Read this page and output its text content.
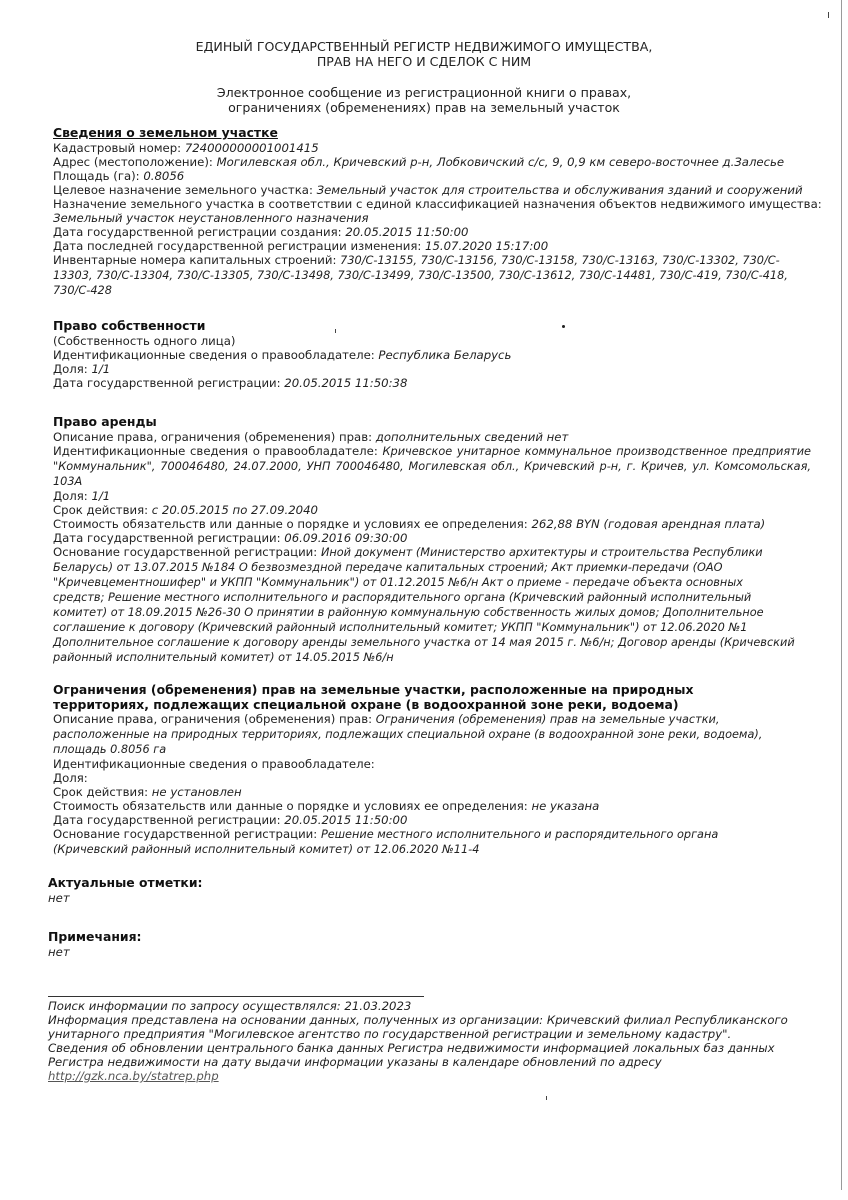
ЕДИНЫЙ ГОСУДАРСТВЕННЫЙ РЕГИСТР НЕДВИЖИМОГО ИМУЩЕСТВА,
ПРАВ НА НЕГО И СДЕЛОК С НИМ
Электронное сообщение из регистрационной книги о правах,
ограничениях (обременениях) прав на земельный участок
Сведения о земельном участке
Кадастровый номер: 724000000001001415
Адрес (местоположение): Могилевская обл., Кричевский р-н, Лобковичский с/с, 9, 0,9 км северо-восточнее д.Залесье
Площадь (га): 0.8056
Целевое назначение земельного участка: Земельный участок для строительства и обслуживания зданий и сооружений
Назначение земельного участка в соответствии с единой классификацией назначения объектов недвижимого имущества:
Земельный участок неустановленного назначения
Дата государственной регистрации создания: 20.05.2015 11:50:00
Дата последней государственной регистрации изменения: 15.07.2020 15:17:00
Инвентарные номера капитальных строений: 730/C-13155, 730/C-13156, 730/C-13158, 730/C-13163, 730/C-13302, 730/C-13303, 730/C-13304, 730/C-13305, 730/C-13498, 730/C-13499, 730/C-13500, 730/C-13612, 730/C-14481, 730/C-419, 730/C-418, 730/C-428
Право собственности
(Собственность одного лица)
Идентификационные сведения о правообладателе: Республика Беларусь
Доля: 1/1
Дата государственной регистрации: 20.05.2015 11:50:38
Право аренды
Описание права, ограничения (обременения) прав: дополнительных сведений нет
Идентификационные сведения о правообладателе: Кричевское унитарное коммунальное производственное предприятие "Коммунальник", 700046480, 24.07.2000, УНП 700046480, Могилевская обл., Кричевский р-н, г. Кричев, ул. Комсомольская, 103А
Доля: 1/1
Срок действия: с 20.05.2015 по 27.09.2040
Стоимость обязательств или данные о порядке и условиях ее определения: 262,88 BYN (годовая арендная плата)
Дата государственной регистрации: 06.09.2016 09:30:00
Основание государственной регистрации: Иной документ (Министерство архитектуры и строительства Республики Беларусь) от 13.07.2015 №184 О безвозмездной передаче капитальных строений; Акт приемки-передачи (ОАО "Кричевцементношифер" и УКПП "Коммунальник") от 01.12.2015 №6/н Акт о приеме - передаче объекта основных средств; Решение местного исполнительного и распорядительного органа (Кричевский районный исполнительный комитет) от 18.09.2015 №26-30 О принятии в районную коммунальную собственность жилых домов; Дополнительное соглашение к договору (Кричевский районный исполнительный комитет; УКПП "Коммунальник") от 12.06.2020 №1 Дополнительное соглашение к договору аренды земельного участка от 14 мая 2015 г. №6/н; Договор аренды (Кричевский районный исполнительный комитет) от 14.05.2015 №6/н
Ограничения (обременения) прав на земельные участки, расположенные на природных территориях, подлежащих специальной охране (в водоохранной зоне реки, водоема)
Описание права, ограничения (обременения) прав: Ограничения (обременения) прав на земельные участки, расположенные на природных территориях, подлежащих специальной охране (в водоохранной зоне реки, водоема), площадь 0.8056 га
Идентификационные сведения о правообладателе:
Доля:
Срок действия: не установлен
Стоимость обязательств или данные о порядке и условиях ее определения: не указана
Дата государственной регистрации: 20.05.2015 11:50:00
Основание государственной регистрации: Решение местного исполнительного и распорядительного органа (Кричевский районный исполнительный комитет) от 12.06.2020 №11-4
Актуальные отметки:
нет
Примечания:
нет
Поиск информации по запросу осуществлялся: 21.03.2023
Информация представлена на основании данных, полученных из организации: Кричевский филиал Республиканского унитарного предприятия "Могилевское агентство по государственной регистрации и земельному кадастру".
Сведения об обновлении центрального банка данных Регистра недвижимости информацией локальных баз данных Регистра недвижимости на дату выдачи информации указаны в календаре обновлений по адресу
http://gzk.nca.by/statrep.php
